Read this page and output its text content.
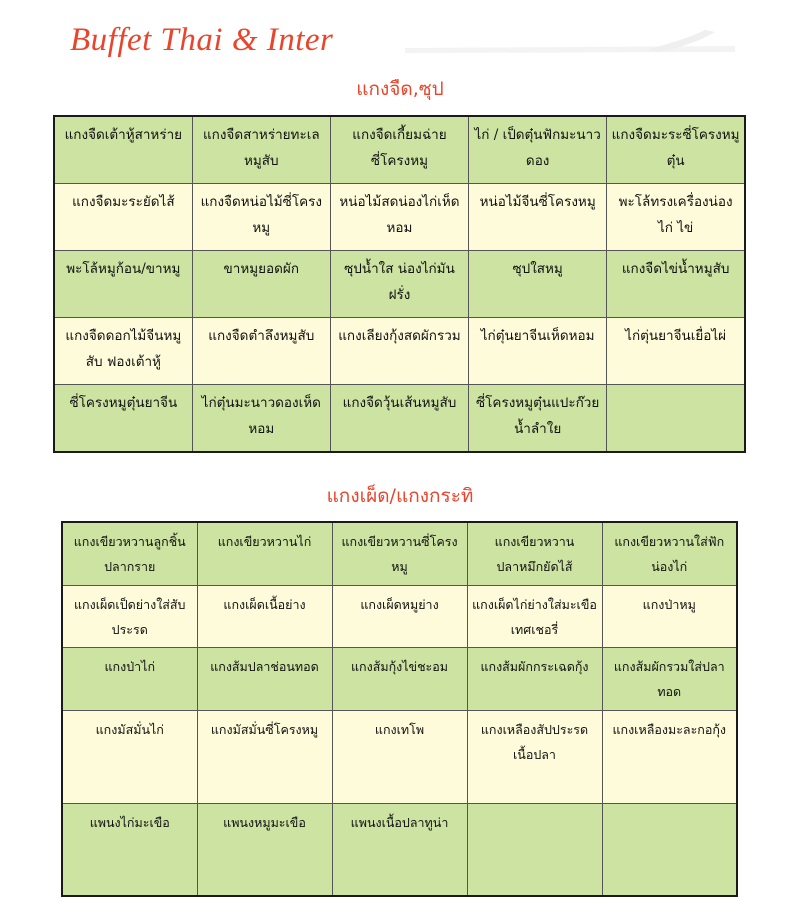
Buffet Thai & Inter
แกงจืด,ซุป
แกงจืดเต้าหู้สาหร่าย	แกงจืดสาหร่ายทะเล หมูสับ	แกงจืดเกี้ยมฉ่ายซี่โครงหมู	ไก่ / เป็ดตุ๋นฟักมะนาวดอง	แกงจืดมะระซี่โครงหมูตุ๋น
แกงจืดมะระยัดไส้	แกงจืดหน่อไม้ซี่โครงหมู	หน่อไม้สดน่องไก่เห็ดหอม	หน่อไม้จีนซี่โครงหมู	พะโล้ทรงเครื่องน่องไก่ ไข่
พะโล้หมูก้อน/ขาหมู	ขาหมูยอดผัก	ซุปน้ำใส น่องไก่มันฝรั่ง	ซุปใสหมู	แกงจืดไข่น้ำหมูสับ
แกงจืดดอกไม้จีนหมูสับ ฟองเต้าหู้	แกงจืดตำลึงหมูสับ	แกงเลียงกุ้งสดผักรวม	ไก่ตุ๋นยาจีนเห็ดหอม	ไก่ตุ่นยาจีนเยื่อไผ่
ซี่โครงหมูตุ๋นยาจีน	ไก่ตุ๋นมะนาวดองเห็ดหอม	แกงจืดวุ้นเส้นหมูสับ	ซี่โครงหมูตุ๋นแปะก๊วยน้ำลำใย	
แกงเผ็ด/แกงกระทิ
แกงเขียวหวานลูกชิ้นปลากราย	แกงเขียวหวานไก่	แกงเขียวหวานซี่โครงหมู	แกงเขียวหวานปลาหมึกยัดไส้	แกงเขียวหวานใส่ฟักน่องไก่
แกงเผ็ดเป็ดย่างใส่สับประรด	แกงเผ็ดเนื้อย่าง	แกงเผ็ดหมูย่าง	แกงเผ็ดไก่ย่างใส่มะเขือเทศเชอรี่	แกงป่าหมู
แกงป่าไก่	แกงส้มปลาช่อนทอด	แกงส้มกุ้งไข่ชะอม	แกงส้มผักกระเฉดกุ้ง	แกงส้มผักรวมใส่ปลาทอด
แกงมัสมั่นไก่	แกงมัสมั่นซี่โครงหมู	แกงเทโพ	แกงเหลืองสัปประรดเนื้อปลา	แกงเหลืองมะละกอกุ้ง
แพนงไก่มะเขือ	แพนงหมูมะเขือ	แพนงเนื้อปลาทูน่า		
